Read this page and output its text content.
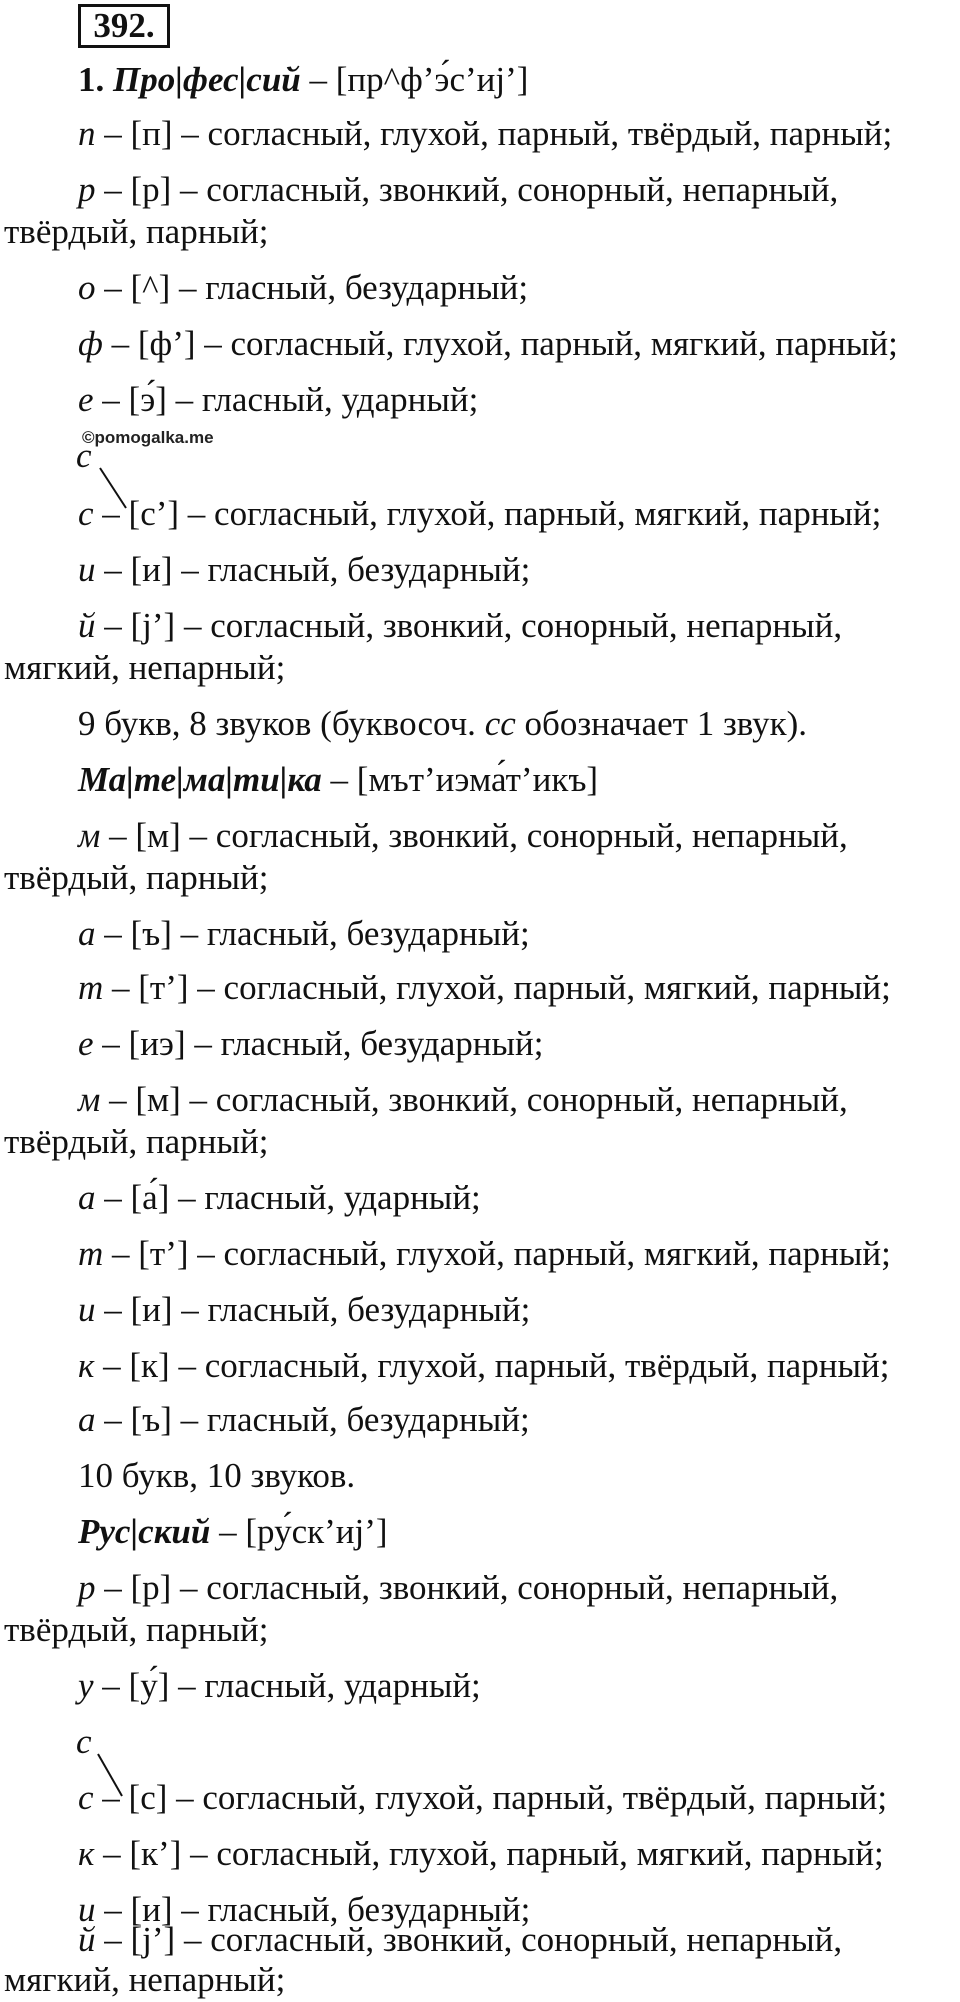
392.
1. Про|фес|сий – [пр^ф’э́с’иj’]
п – [п] – согласный, глухой, парный, твёрдый, парный;
р – [р] – согласный, звонкий, сонорный, непарный,
твёрдый, парный;
о – [^] – гласный, безударный;
ф – [ф’] – согласный, глухой, парный, мягкий, парный;
е – [э́] – гласный, ударный;
©pomogalka.me
с
с – [с’] – согласный, глухой, парный, мягкий, парный;
и – [и] – гласный, безударный;
й – [j’] – согласный, звонкий, сонорный, непарный,
мягкий, непарный;
9 букв, 8 звуков (буквосоч. сс обозначает 1 звук).
Ма|те|ма|ти|ка – [мът’иэма́т’икъ]
м – [м] – согласный, звонкий, сонорный, непарный,
твёрдый, парный;
а – [ъ] – гласный, безударный;
т – [т’] – согласный, глухой, парный, мягкий, парный;
е – [иэ] – гласный, безударный;
м – [м] – согласный, звонкий, сонорный, непарный,
твёрдый, парный;
а – [а́] – гласный, ударный;
т – [т’] – согласный, глухой, парный, мягкий, парный;
и – [и] – гласный, безударный;
к – [к] – согласный, глухой, парный, твёрдый, парный;
а – [ъ] – гласный, безударный;
10 букв, 10 звуков.
Рус|ский – [ру́ск’иj’]
р – [р] – согласный, звонкий, сонорный, непарный,
твёрдый, парный;
у – [у́] – гласный, ударный;
с
с – [с] – согласный, глухой, парный, твёрдый, парный;
к – [к’] – согласный, глухой, парный, мягкий, парный;
и – [и] – гласный, безударный;
й – [j’] – согласный, звонкий, сонорный, непарный,
мягкий, непарный;
